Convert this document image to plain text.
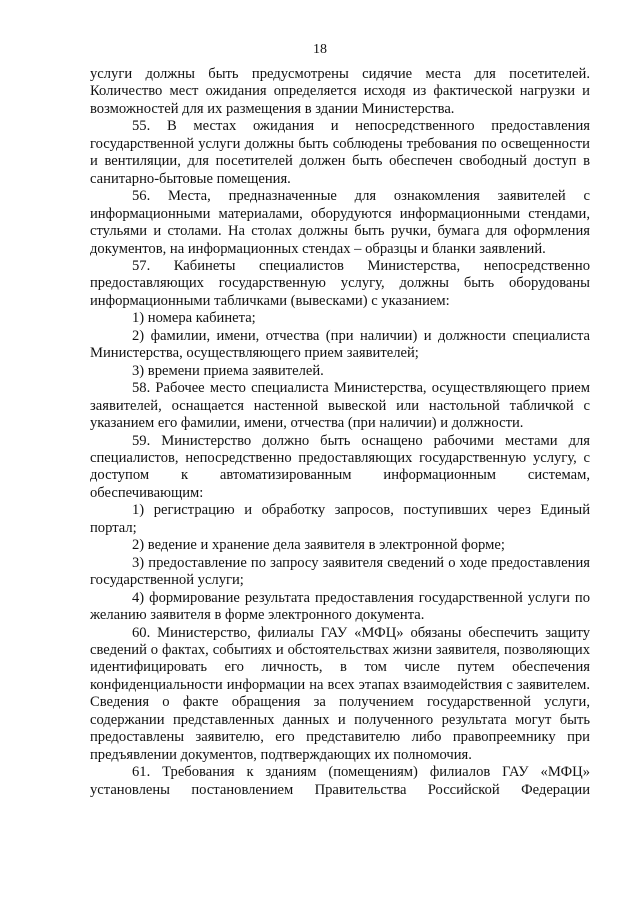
18

услуги должны быть предусмотрены сидячие места для посетителей. Количество мест ожидания определяется исходя из фактической нагрузки и возможностей для их размещения в здании Министерства.

55. В местах ожидания и непосредственного предоставления государственной услуги должны быть соблюдены требования по освещенности и вентиляции, для посетителей должен быть обеспечен свободный доступ в санитарно-бытовые помещения.

56. Места, предназначенные для ознакомления заявителей с информационными материалами, оборудуются информационными стендами, стульями и столами. На столах должны быть ручки, бумага для оформления документов, на информационных стендах – образцы и бланки заявлений.

57. Кабинеты специалистов Министерства, непосредственно предоставляющих государственную услугу, должны быть оборудованы информационными табличками (вывесками) с указанием:

1) номера кабинета;

2) фамилии, имени, отчества (при наличии) и должности специалиста Министерства, осуществляющего прием заявителей;

3) времени приема заявителей.

58. Рабочее место специалиста Министерства, осуществляющего прием заявителей, оснащается настенной вывеской или настольной табличкой с указанием его фамилии, имени, отчества (при наличии) и должности.

59. Министерство должно быть оснащено рабочими местами для специалистов, непосредственно предоставляющих государственную услугу, с доступом к автоматизированным информационным системам, обеспечивающим:

1) регистрацию и обработку запросов, поступивших через Единый портал;

2) ведение и хранение дела заявителя в электронной форме;

3) предоставление по запросу заявителя сведений о ходе предоставления государственной услуги;

4) формирование результата предоставления государственной услуги по желанию заявителя в форме электронного документа.

60. Министерство, филиалы ГАУ «МФЦ» обязаны обеспечить защиту сведений о фактах, событиях и обстоятельствах жизни заявителя, позволяющих идентифицировать его личность, в том числе путем обеспечения конфиденциальности информации на всех этапах взаимодействия с заявителем. Сведения о факте обращения за получением государственной услуги, содержании представленных данных и полученного результата могут быть предоставлены заявителю, его представителю либо правопреемнику при предъявлении документов, подтверждающих их полномочия.

61. Требования к зданиям (помещениям) филиалов ГАУ «МФЦ» установлены постановлением Правительства Российской Федерации
